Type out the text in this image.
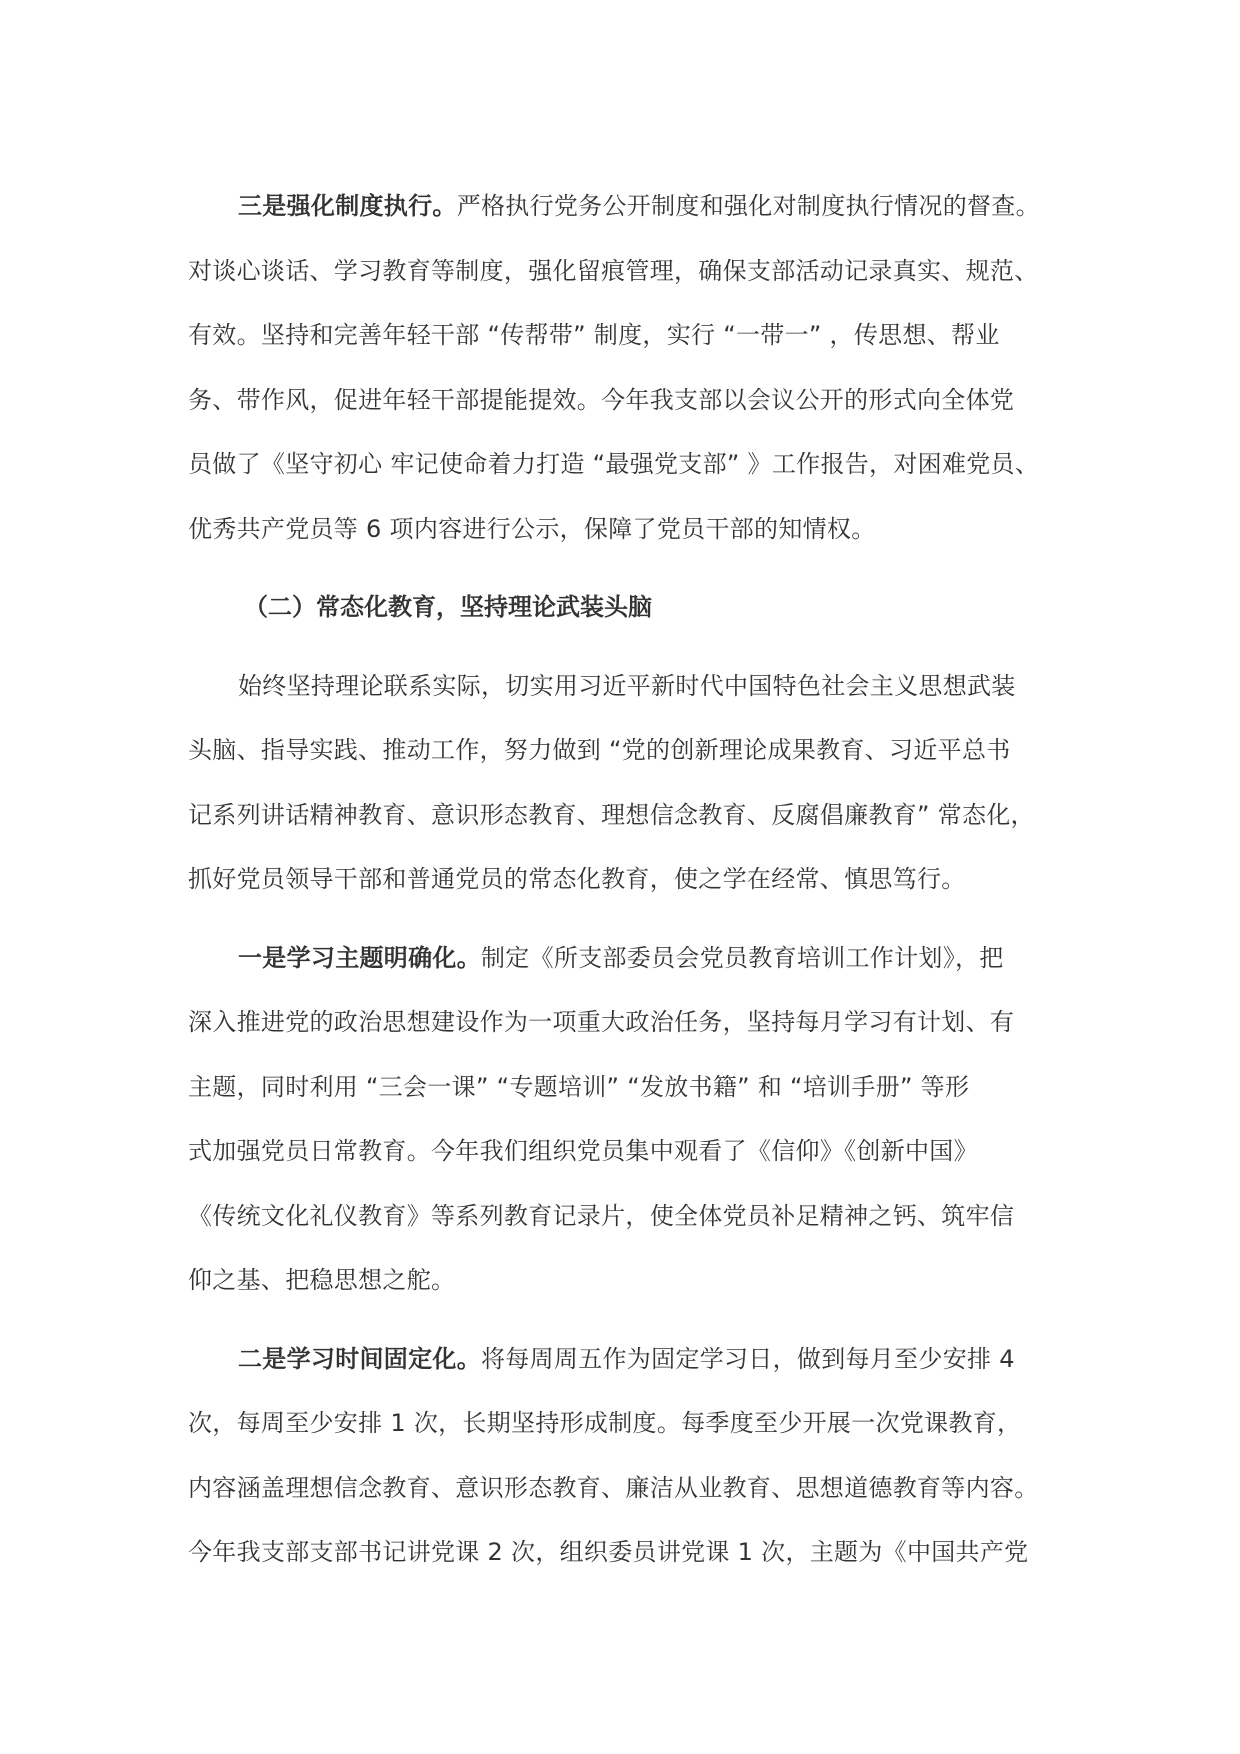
三是强化制度执行。严格执行党务公开制度和强化对制度执行情况的督查。
对谈心谈话、学习教育等制度，强化留痕管理，确保支部活动记录真实、规范、
有效。坚持和完善年轻干部 “传帮带” 制度，实行 “一带一” ，传思想、帮业
务、带作风，促进年轻干部提能提效。今年我支部以会议公开的形式向全体党
员做了《坚守初心 牢记使命着力打造 “最强党支部” 》工作报告，对困难党员、
优秀共产党员等 6 项内容进行公示，保障了党员干部的知情权。
（二）常态化教育，坚持理论武装头脑
始终坚持理论联系实际，切实用习近平新时代中国特色社会主义思想武装
头脑、指导实践、推动工作，努力做到 “党的创新理论成果教育、习近平总书
记系列讲话精神教育、意识形态教育、理想信念教育、反腐倡廉教育” 常态化，
抓好党员领导干部和普通党员的常态化教育，使之学在经常、慎思笃行。
一是学习主题明确化。制定《所支部委员会党员教育培训工作计划》，把
深入推进党的政治思想建设作为一项重大政治任务，坚持每月学习有计划、有
主题，同时利用 “三会一课” “专题培训” “发放书籍” 和 “培训手册” 等形
式加强党员日常教育。今年我们组织党员集中观看了《信仰》《创新中国》
《传统文化礼仪教育》等系列教育记录片，使全体党员补足精神之钙、筑牢信
仰之基、把稳思想之舵。
二是学习时间固定化。将每周周五作为固定学习日，做到每月至少安排 4
次，每周至少安排 1 次，长期坚持形成制度。每季度至少开展一次党课教育，
内容涵盖理想信念教育、意识形态教育、廉洁从业教育、思想道德教育等内容。
今年我支部支部书记讲党课 2 次，组织委员讲党课 1 次，主题为《中国共产党
